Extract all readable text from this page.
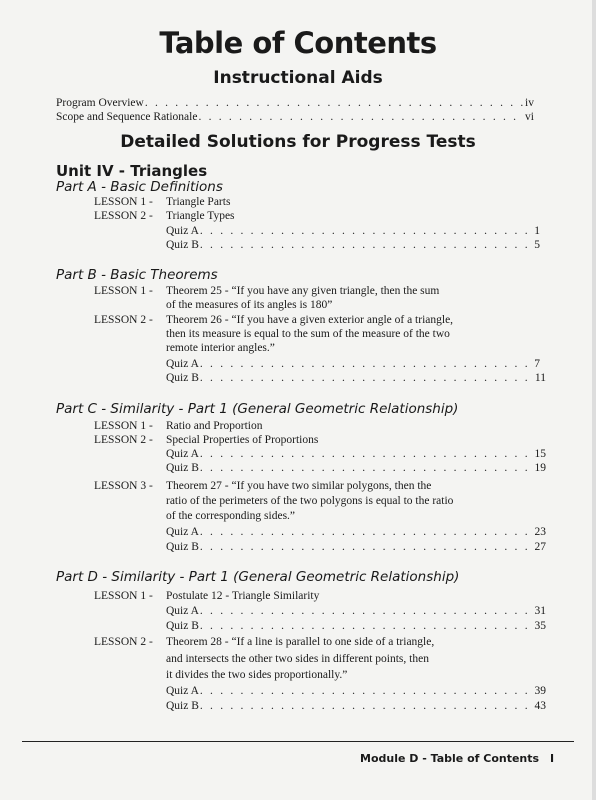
Table of Contents
Instructional Aids
Program Overview . . .	iv
Scope and Sequence Rationale . . .	vi
Detailed Solutions for Progress Tests
Unit IV - Triangles
Part A - Basic Definitions
LESSON 1 - Triangle Parts
LESSON 2 - Triangle Types
Quiz A . . .	1
Quiz B . . .	5
Part B - Basic Theorems
LESSON 1 - Theorem 25 - “If you have any given triangle, then the sum
of the measures of its angles is 180”
LESSON 2 - Theorem 26 - “If you have a given exterior angle of a triangle,
then its measure is equal to the sum of the measure of the two
remote interior angles.”
Quiz A . . .	7
Quiz B . . .	11
Part C - Similarity - Part 1 (General Geometric Relationship)
LESSON 1 - Ratio and Proportion
LESSON 2 - Special Properties of Proportions
Quiz A . . .	15
Quiz B . . .	19
LESSON 3 - Theorem 27 - “If you have two similar polygons, then the
ratio of the perimeters of the two polygons is equal to the ratio
of the corresponding sides.”
Quiz A . . .	23
Quiz B . . .	27
Part D - Similarity - Part 1 (General Geometric Relationship)
LESSON 1 - Postulate 12 - Triangle Similarity
Quiz A . . .	31
Quiz B . . .	35
LESSON 2 - Theorem 28 - “If a line is parallel to one side of a triangle,
and intersects the other two sides in different points, then
it divides the two sides proportionally.”
Quiz A . . .	39
Quiz B . . .	43
Module D - Table of Contents I
